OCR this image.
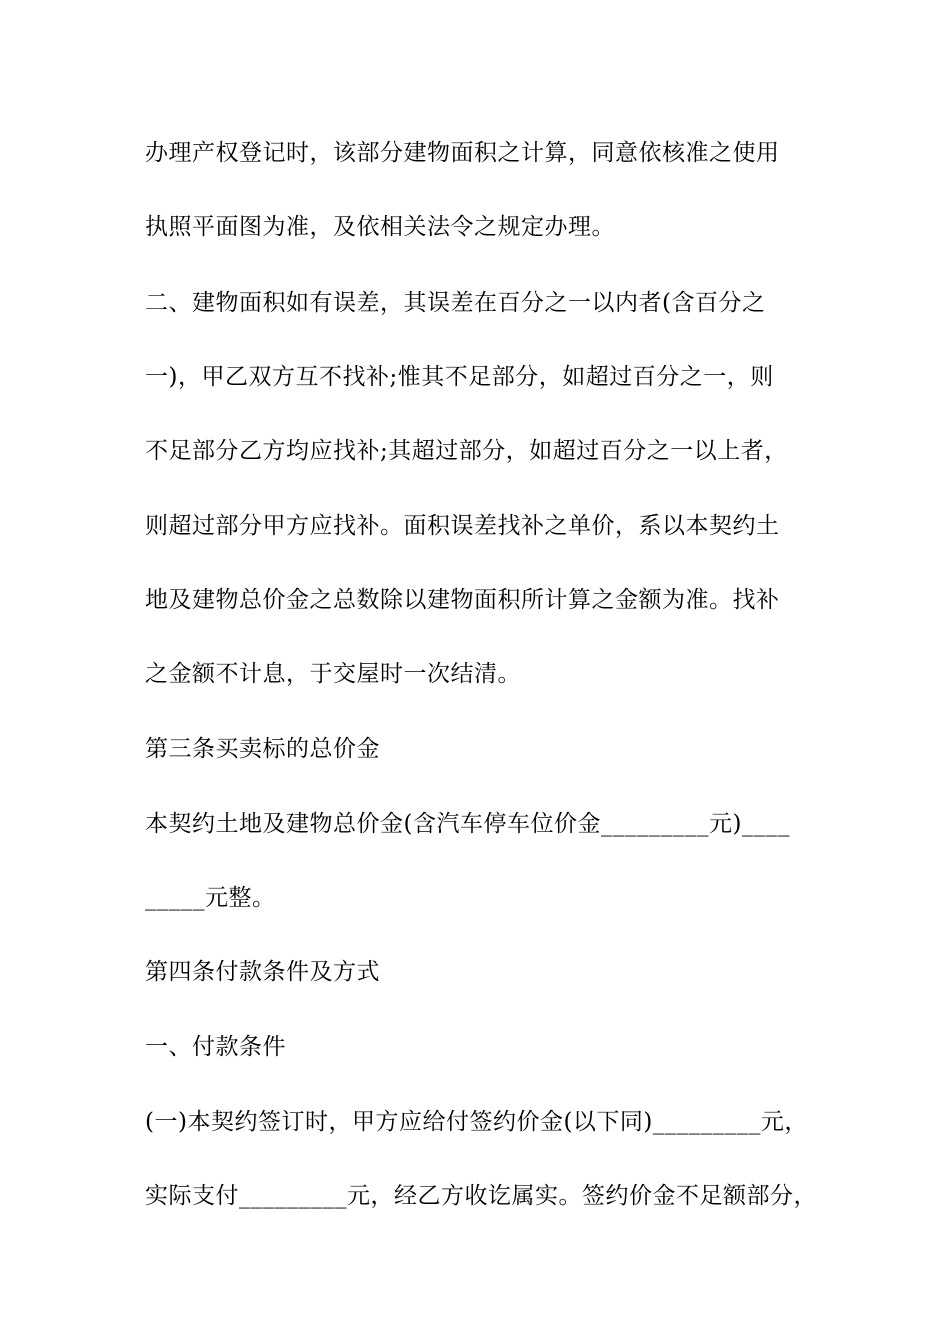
办理产权登记时，该部分建物面积之计算，同意依核准之使用
执照平面图为准，及依相关法令之规定办理。
二、建物面积如有误差，其误差在百分之一以内者(含百分之
一)，甲乙双方互不找补;惟其不足部分，如超过百分之一，则
不足部分乙方均应找补;其超过部分，如超过百分之一以上者，
则超过部分甲方应找补。面积误差找补之单价，系以本契约土
地及建物总价金之总数除以建物面积所计算之金额为准。找补
之金额不计息，于交屋时一次结清。
第三条买卖标的总价金
本契约土地及建物总价金(含汽车停车位价金_________元)____
_____元整。
第四条付款条件及方式
一、付款条件
(一)本契约签订时，甲方应给付签约价金(以下同)_________元，
实际支付_________元，经乙方收讫属实。签约价金不足额部分，
